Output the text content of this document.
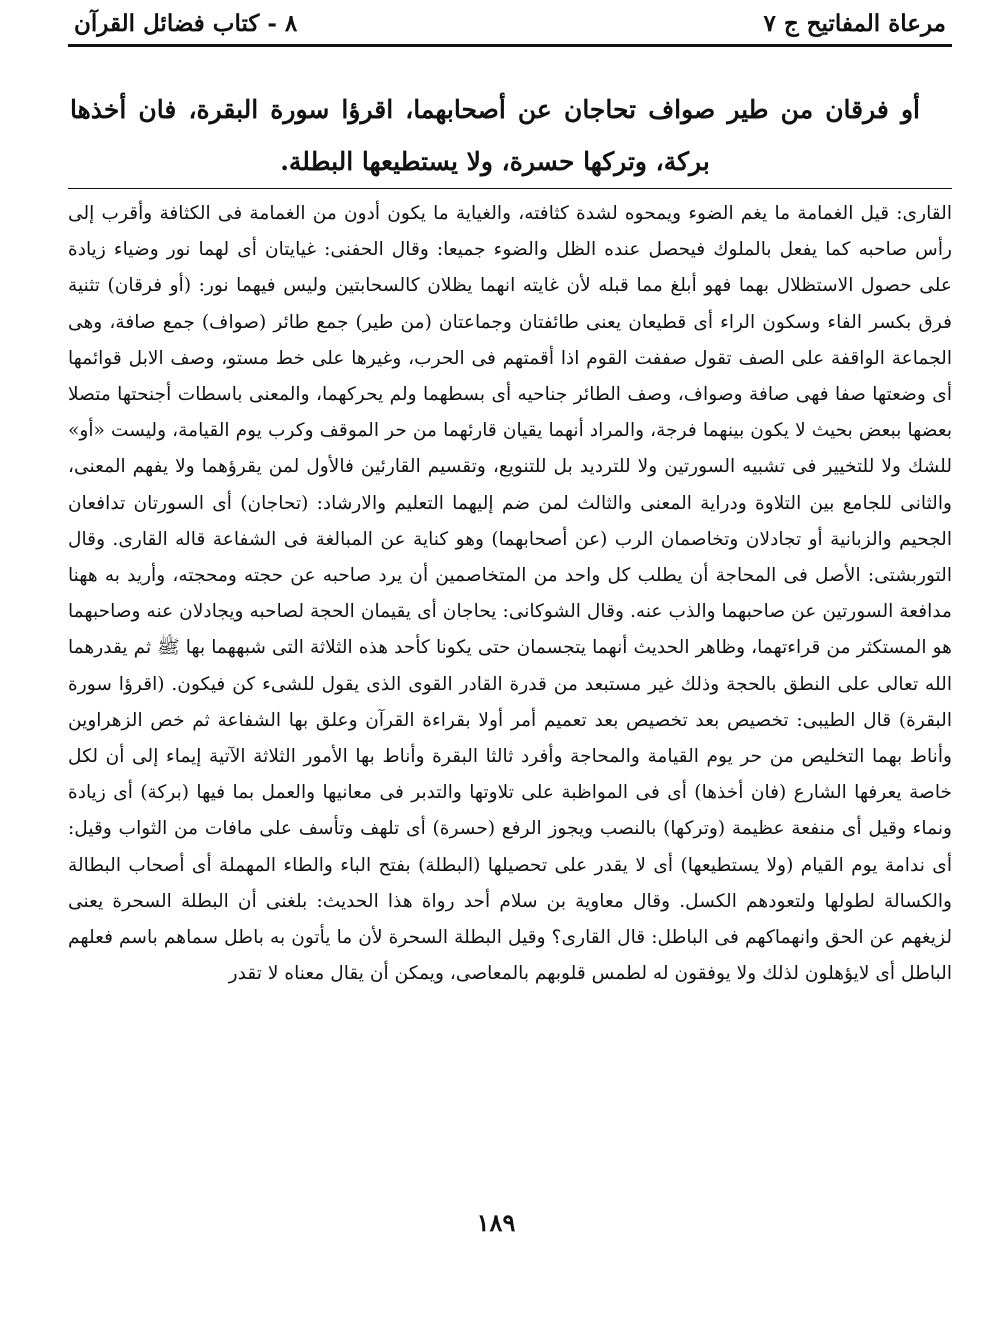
مرعاة المفاتيح ج ٧
٨ - كتاب فضائل القرآن
أو فرقان من طير صواف تحاجان عن أصحابهما، اقرؤا سورة البقرة، فان أخذها بركة، وتركها حسرة، ولا يستطيعها البطلة.
القارى: قيل الغمامة ما يغم الضوء ويمحوه لشدة كثافته، والغياية ما يكون أدون من الغمامة فى الكثافة وأقرب إلى رأس صاحبه كما يفعل بالملوك فيحصل عنده الظل والضوء جميعا: وقال الحفنى: غيايتان أى لهما نور وضياء زيادة على حصول الاستظلال بهما فهو أبلغ مما قبله لأن غايته انهما يظلان كالسحابتين وليس فيهما نور: (أو فرقان) تثنية فرق بكسر الفاء وسكون الراء أى قطيعان يعنى طائفتان وجماعتان (من طير) جمع طائر (صواف) جمع صافة، وهى الجماعة الواقفة على الصف تقول صففت القوم اذا أقمتهم فى الحرب، وغيرها على خط مستو، وصف الابل قوائمها أى وضعتها صفا فهى صافة وصواف، وصف الطائر جناحيه أى بسطهما ولم يحركهما، والمعنى باسطات أجنحتها متصلا بعضها ببعض بحيث لا يكون بينهما فرجة، والمراد أنهما يقيان قارئهما من حر الموقف وكرب يوم القيامة، وليست «أو» للشك ولا للتخيير فى تشبيه السورتين ولا للترديد بل للتنويع، وتقسيم القارئين فالأول لمن يقرؤهما ولا يفهم المعنى، والثانى للجامع بين التلاوة ودراية المعنى والثالث لمن ضم إليهما التعليم والارشاد: (تحاجان) أى السورتان تدافعان الجحيم والزبانية أو تجادلان وتخاصمان الرب (عن أصحابهما) وهو كناية عن المبالغة فى الشفاعة قاله القارى. وقال التوربشتى: الأصل فى المحاجة أن يطلب كل واحد من المتخاصمين أن يرد صاحبه عن حجته ومحجته، وأريد به ههنا مدافعة السورتين عن صاحبهما والذب عنه. وقال الشوكانى: يحاجان أى يقيمان الحجة لصاحبه ويجادلان عنه وصاحبهما هو المستكثر من قراءتهما، وظاهر الحديث أنهما يتجسمان حتى يكونا كأحد هذه الثلاثة التى شبههما بها ﷺ ثم يقدرهما الله تعالى على النطق بالحجة وذلك غير مستبعد من قدرة القادر القوى الذى يقول للشىء كن فيكون. (اقرؤا سورة البقرة) قال الطيبى: تخصيص بعد تخصيص بعد تعميم أمر أولا بقراءة القرآن وعلق بها الشفاعة ثم خص الزهراوين وأناط بهما التخليص من حر يوم القيامة والمحاجة وأفرد ثالثا البقرة وأناط بها الأمور الثلاثة الآتية إيماء إلى أن لكل خاصة يعرفها الشارع (فان أخذها) أى فى المواظبة على تلاوتها والتدبر فى معانيها والعمل بما فيها (بركة) أى زيادة ونماء وقيل أى منفعة عظيمة (وتركها) بالنصب ويجوز الرفع (حسرة) أى تلهف وتأسف على مافات من الثواب وقيل: أى ندامة يوم القيام (ولا يستطيعها) أى لا يقدر على تحصيلها (البطلة) بفتح الباء والطاء المهملة أى أصحاب البطالة والكسالة لطولها ولتعودهم الكسل. وقال معاوية بن سلام أحد رواة هذا الحديث: بلغنى أن البطلة السحرة يعنى لزيغهم عن الحق وانهماكهم فى الباطل: قال القارى؟ وقيل البطلة السحرة لأن ما يأتون به باطل سماهم باسم فعلهم الباطل أى لايؤهلون لذلك ولا يوفقون له لطمس قلوبهم بالمعاصى، ويمكن أن يقال معناه لا تقدر
١٨٩
